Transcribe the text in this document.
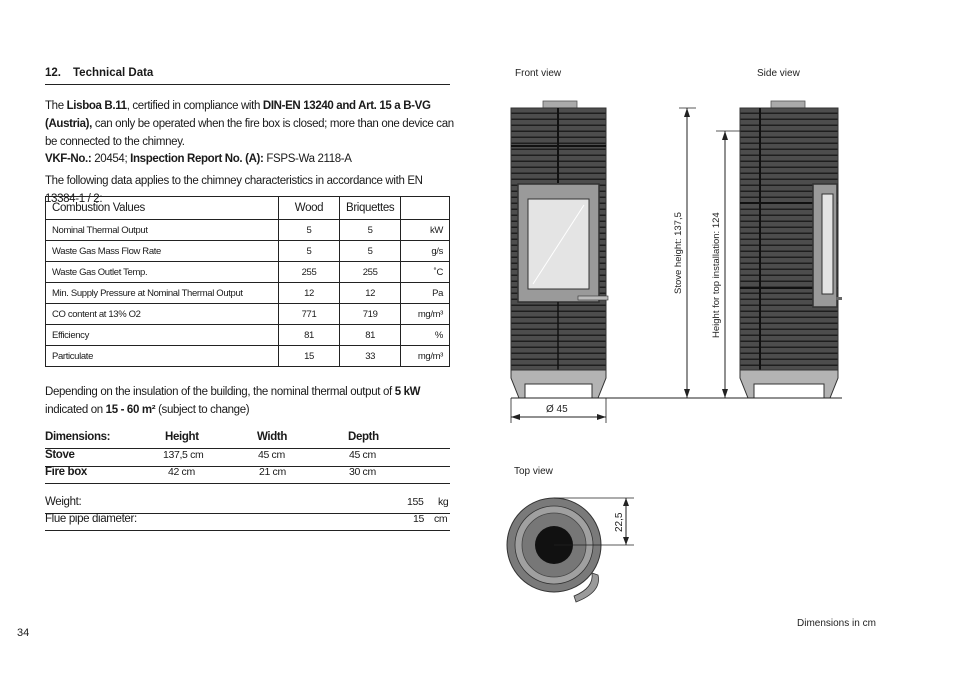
12. Technical Data
The Lisboa B.11, certified in compliance with DIN-EN 13240 and Art. 15 a B-VG (Austria), can only be operated when the fire box is closed; more than one device can be connected to the chimney.
VKF-No.: 20454; Inspection Report No. (A): FSPS-Wa 2118-A
The following data applies to the chimney characteristics in accordance with EN 13384-1 / 2:
Combustion Values	Wood	Briquettes	
Nominal Thermal Output	5	5	kW
Waste Gas Mass Flow Rate	5	5	g/s
Waste Gas Outlet Temp.	255	255	˚C
Min. Supply Pressure at Nominal Thermal Output	12	12	Pa
CO content at 13% O2	771	719	mg/m³
Efficiency	81	81	%
Particulate	15	33	mg/m³
Depending on the insulation of the building, the nominal thermal output of 5 kW indicated on 15 - 60 m² (subject to change)
Dimensions:	Height	Width	Depth
Stove	137,5 cm	45 cm	45 cm
Fire box	42 cm	21 cm	30 cm
Weight:	155 kg
Flue pipe diameter:	15 cm
34
Front view	Side view
Top view
Dimensions in cm
Stove height: 137,5	Height for top installation: 124
Ø 45
22,5
